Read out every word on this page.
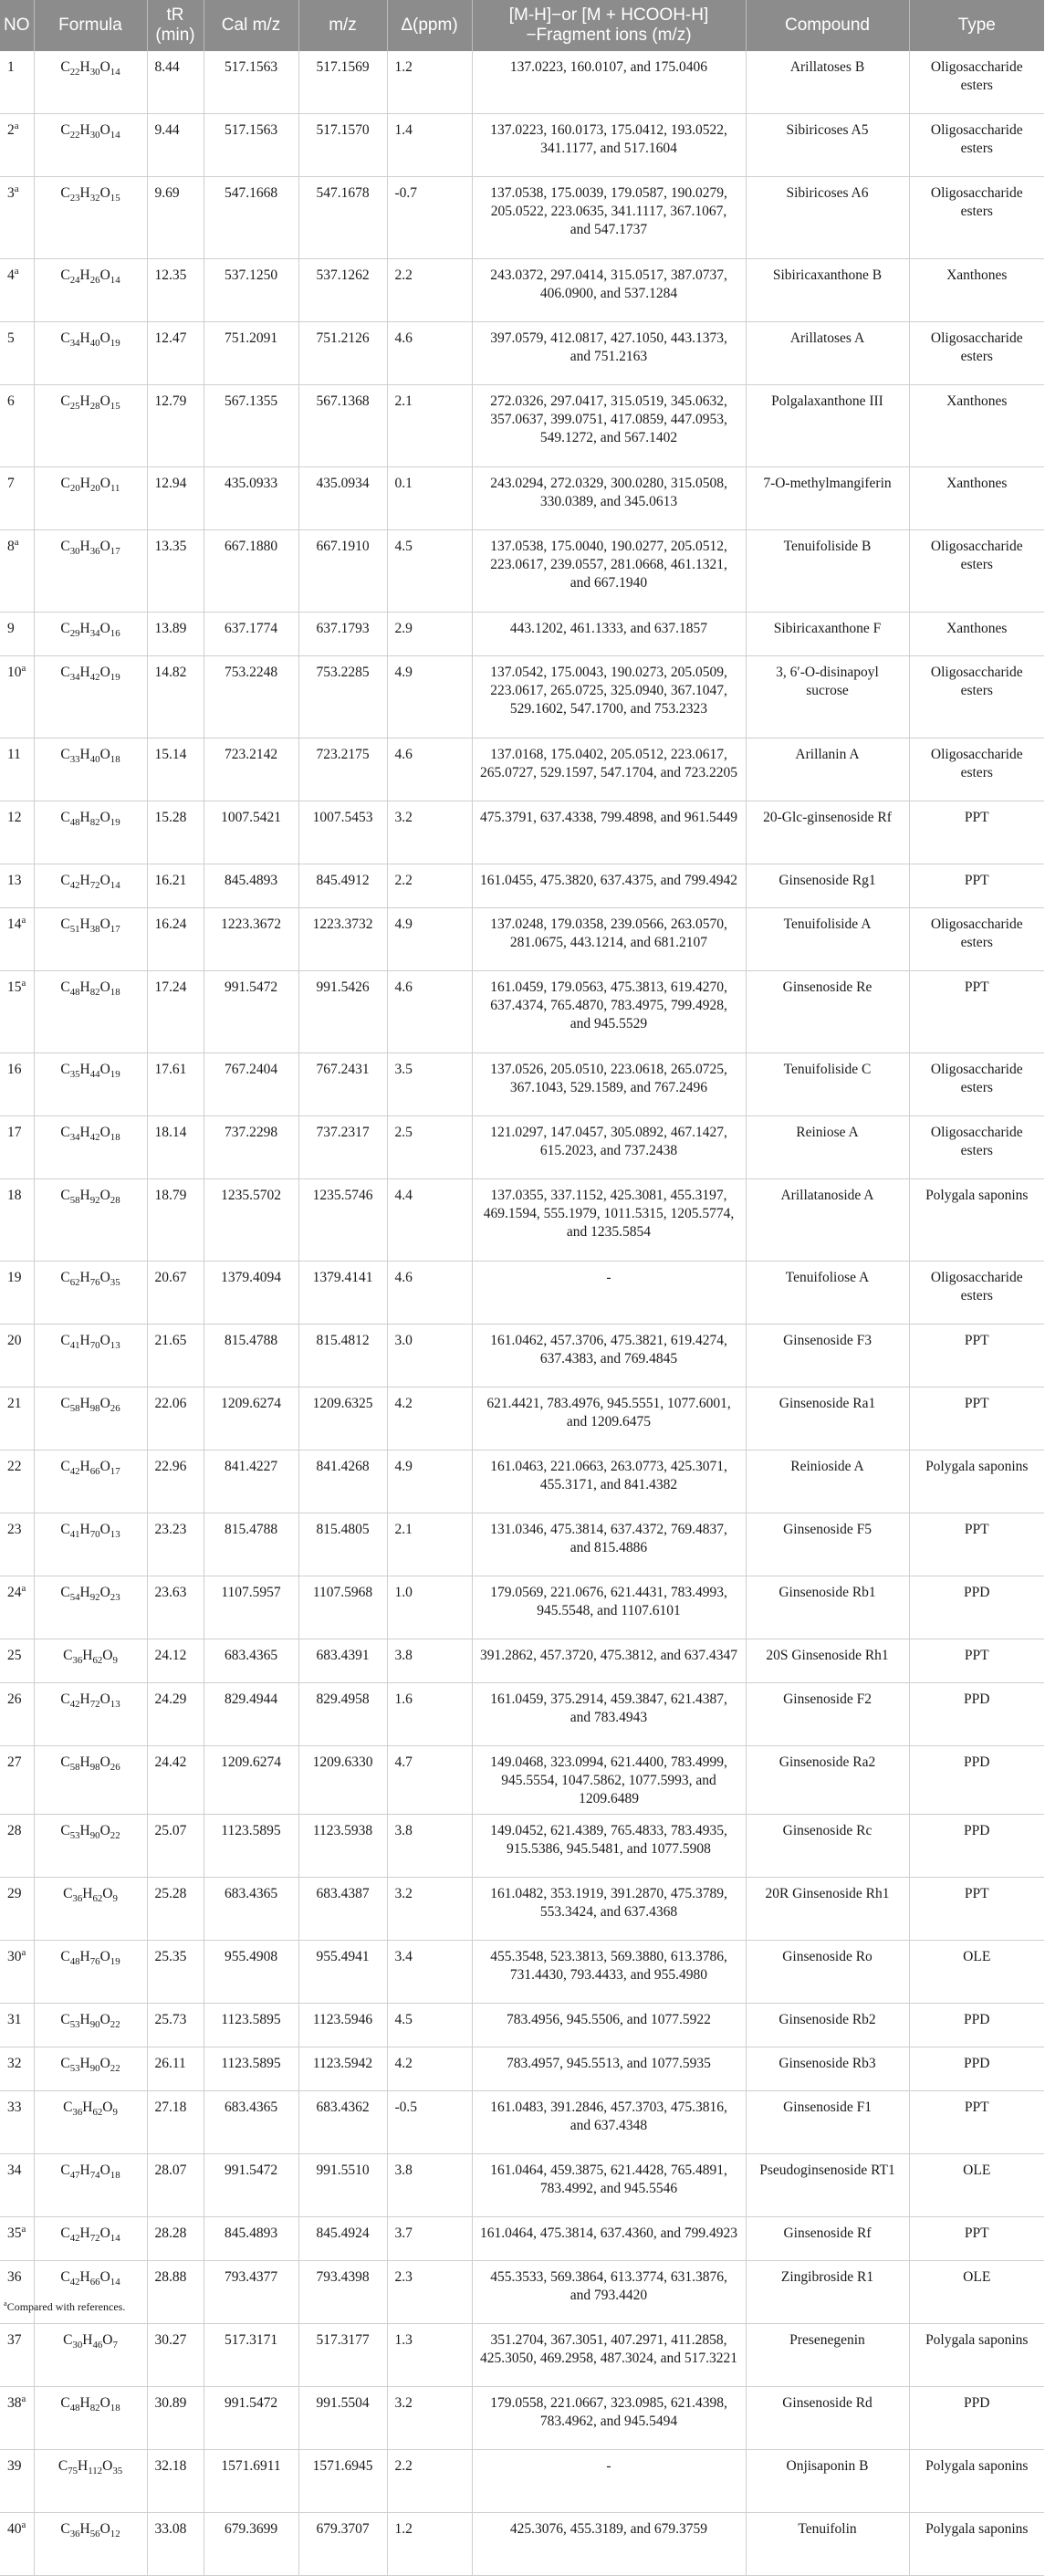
NO	Formula	tR (min)	Cal m/z	m/z	Δ(ppm)	[M-H]−or [M + HCOOH-H]−Fragment ions (m/z)	Compound	Type
1	$C_{22}H_{30}O_{14}$	8.44	517.1563	517.1569	1.2	137.0223, 160.0107, and 175.0406	Arillatoses B	Oligosaccharide esters
2$^a$	$C_{22}H_{30}O_{14}$	9.44	517.1563	517.1570	1.4	137.0223, 160.0173, 175.0412, 193.0522, 341.1177, and 517.1604	Sibiricoses A5	Oligosaccharide esters
3$^a$	$C_{23}H_{32}O_{15}$	9.69	547.1668	547.1678	-0.7	137.0538, 175.0039, 179.0587, 190.0279, 205.0522, 223.0635, 341.1117, 367.1067, and 547.1737	Sibiricoses A6	Oligosaccharide esters
4$^a$	$C_{24}H_{26}O_{14}$	12.35	537.1250	537.1262	2.2	243.0372, 297.0414, 315.0517, 387.0737, 406.0900, and 537.1284	Sibiricaxanthone B	Xanthones
5	$C_{34}H_{40}O_{19}$	12.47	751.2091	751.2126	4.6	397.0579, 412.0817, 427.1050, 443.1373, and 751.2163	Arillatoses A	Oligosaccharide esters
6	$C_{25}H_{28}O_{15}$	12.79	567.1355	567.1368	2.1	272.0326, 297.0417, 315.0519, 345.0632, 357.0637, 399.0751, 417.0859, 447.0953, 549.1272, and 567.1402	Polgalaxanthone III	Xanthones
7	$C_{20}H_{20}O_{11}$	12.94	435.0933	435.0934	0.1	243.0294, 272.0329, 300.0280, 315.0508, 330.0389, and 345.0613	7-O-methylmangiferin	Xanthones
8$^a$	$C_{30}H_{36}O_{17}$	13.35	667.1880	667.1910	4.5	137.0538, 175.0040, 190.0277, 205.0512, 223.0617, 239.0557, 281.0668, 461.1321, and 667.1940	Tenuifoliside B	Oligosaccharide esters
9	$C_{29}H_{34}O_{16}$	13.89	637.1774	637.1793	2.9	443.1202, 461.1333, and 637.1857	Sibiricaxanthone F	Xanthones
10$^a$	$C_{34}H_{42}O_{19}$	14.82	753.2248	753.2285	4.9	137.0542, 175.0043, 190.0273, 205.0509, 223.0617, 265.0725, 325.0940, 367.1047, 529.1602, 547.1700, and 753.2323	3, 6′-O-disinapoyl sucrose	Oligosaccharide esters
11	$C_{33}H_{40}O_{18}$	15.14	723.2142	723.2175	4.6	137.0168, 175.0402, 205.0512, 223.0617, 265.0727, 529.1597, 547.1704, and 723.2205	Arillanin A	Oligosaccharide esters
12	$C_{48}H_{82}O_{19}$	15.28	1007.5421	1007.5453	3.2	475.3791, 637.4338, 799.4898, and 961.5449	20-Glc-ginsenoside Rf	PPT
13	$C_{42}H_{72}O_{14}$	16.21	845.4893	845.4912	2.2	161.0455, 475.3820, 637.4375, and 799.4942	Ginsenoside Rg1	PPT
14$^a$	$C_{51}H_{38}O_{17}$	16.24	1223.3672	1223.3732	4.9	137.0248, 179.0358, 239.0566, 263.0570, 281.0675, 443.1214, and 681.2107	Tenuifoliside A	Oligosaccharide esters
15$^a$	$C_{48}H_{82}O_{18}$	17.24	991.5472	991.5426	4.6	161.0459, 179.0563, 475.3813, 619.4270, 637.4374, 765.4870, 783.4975, 799.4928, and 945.5529	Ginsenoside Re	PPT
16	$C_{35}H_{44}O_{19}$	17.61	767.2404	767.2431	3.5	137.0526, 205.0510, 223.0618, 265.0725, 367.1043, 529.1589, and 767.2496	Tenuifoliside C	Oligosaccharide esters
17	$C_{34}H_{42}O_{18}$	18.14	737.2298	737.2317	2.5	121.0297, 147.0457, 305.0892, 467.1427, 615.2023, and 737.2438	Reiniose A	Oligosaccharide esters
18	$C_{58}H_{92}O_{28}$	18.79	1235.5702	1235.5746	4.4	137.0355, 337.1152, 425.3081, 455.3197, 469.1594, 555.1979, 1011.5315, 1205.5774, and 1235.5854	Arillatanoside A	Polygala saponins
19	$C_{62}H_{76}O_{35}$	20.67	1379.4094	1379.4141	4.6	-	Tenuifoliose A	Oligosaccharide esters
20	$C_{41}H_{70}O_{13}$	21.65	815.4788	815.4812	3.0	161.0462, 457.3706, 475.3821, 619.4274, 637.4383, and 769.4845	Ginsenoside F3	PPT
21	$C_{58}H_{98}O_{26}$	22.06	1209.6274	1209.6325	4.2	621.4421, 783.4976, 945.5551, 1077.6001, and 1209.6475	Ginsenoside Ra1	PPT
22	$C_{42}H_{66}O_{17}$	22.96	841.4227	841.4268	4.9	161.0463, 221.0663, 263.0773, 425.3071, 455.3171, and 841.4382	Reinioside A	Polygala saponins
23	$C_{41}H_{70}O_{13}$	23.23	815.4788	815.4805	2.1	131.0346, 475.3814, 637.4372, 769.4837, and 815.4886	Ginsenoside F5	PPT
24$^a$	$C_{54}H_{92}O_{23}$	23.63	1107.5957	1107.5968	1.0	179.0569, 221.0676, 621.4431, 783.4993, 945.5548, and 1107.6101	Ginsenoside Rb1	PPD
25	$C_{36}H_{62}O_9$	24.12	683.4365	683.4391	3.8	391.2862, 457.3720, 475.3812, and 637.4347	20S Ginsenoside Rh1	PPT
26	$C_{42}H_{72}O_{13}$	24.29	829.4944	829.4958	1.6	161.0459, 375.2914, 459.3847, 621.4387, and 783.4943	Ginsenoside F2	PPD
27	$C_{58}H_{98}O_{26}$	24.42	1209.6274	1209.6330	4.7	149.0468, 323.0994, 621.4400, 783.4999, 945.5554, 1047.5862, 1077.5993, and 1209.6489	Ginsenoside Ra2	PPD
28	$C_{53}H_{90}O_{22}$	25.07	1123.5895	1123.5938	3.8	149.0452, 621.4389, 765.4833, 783.4935, 915.5386, 945.5481, and 1077.5908	Ginsenoside Rc	PPD
29	$C_{36}H_{62}O_9$	25.28	683.4365	683.4387	3.2	161.0482, 353.1919, 391.2870, 475.3789, 553.3424, and 637.4368	20R Ginsenoside Rh1	PPT
30$^a$	$C_{48}H_{76}O_{19}$	25.35	955.4908	955.4941	3.4	455.3548, 523.3813, 569.3880, 613.3786, 731.4430, 793.4433, and 955.4980	Ginsenoside Ro	OLE
31	$C_{53}H_{90}O_{22}$	25.73	1123.5895	1123.5946	4.5	783.4956, 945.5506, and 1077.5922	Ginsenoside Rb2	PPD
32	$C_{53}H_{90}O_{22}$	26.11	1123.5895	1123.5942	4.2	783.4957, 945.5513, and 1077.5935	Ginsenoside Rb3	PPD
33	$C_{36}H_{62}O_9$	27.18	683.4365	683.4362	-0.5	161.0483, 391.2846, 457.3703, 475.3816, and 637.4348	Ginsenoside F1	PPT
34	$C_{47}H_{74}O_{18}$	28.07	991.5472	991.5510	3.8	161.0464, 459.3875, 621.4428, 765.4891, 783.4992, and 945.5546	Pseudoginsenoside RT1	OLE
35$^a$	$C_{42}H_{72}O_{14}$	28.28	845.4893	845.4924	3.7	161.0464, 475.3814, 637.4360, and 799.4923	Ginsenoside Rf	PPT
36	$C_{42}H_{66}O_{14}$	28.88	793.4377	793.4398	2.3	455.3533, 569.3864, 613.3774, 631.3876, and 793.4420	Zingibroside R1	OLE
37	$C_{30}H_{46}O_7$	30.27	517.3171	517.3177	1.3	351.2704, 367.3051, 407.2971, 411.2858, 425.3050, 469.2958, 487.3024, and 517.3221	Presenegenin	Polygala saponins
38$^a$	$C_{48}H_{82}O_{18}$	30.89	991.5472	991.5504	3.2	179.0558, 221.0667, 323.0985, 621.4398, 783.4962, and 945.5494	Ginsenoside Rd	PPD
39	$C_{75}H_{112}O_{35}$	32.18	1571.6911	1571.6945	2.2	-	Onjisaponin B	Polygala saponins
40$^a$	$C_{36}H_{56}O_{12}$	33.08	679.3699	679.3707	1.2	425.3076, 455.3189, and 679.3759	Tenuifolin	Polygala saponins
$^a$Compared with references.
